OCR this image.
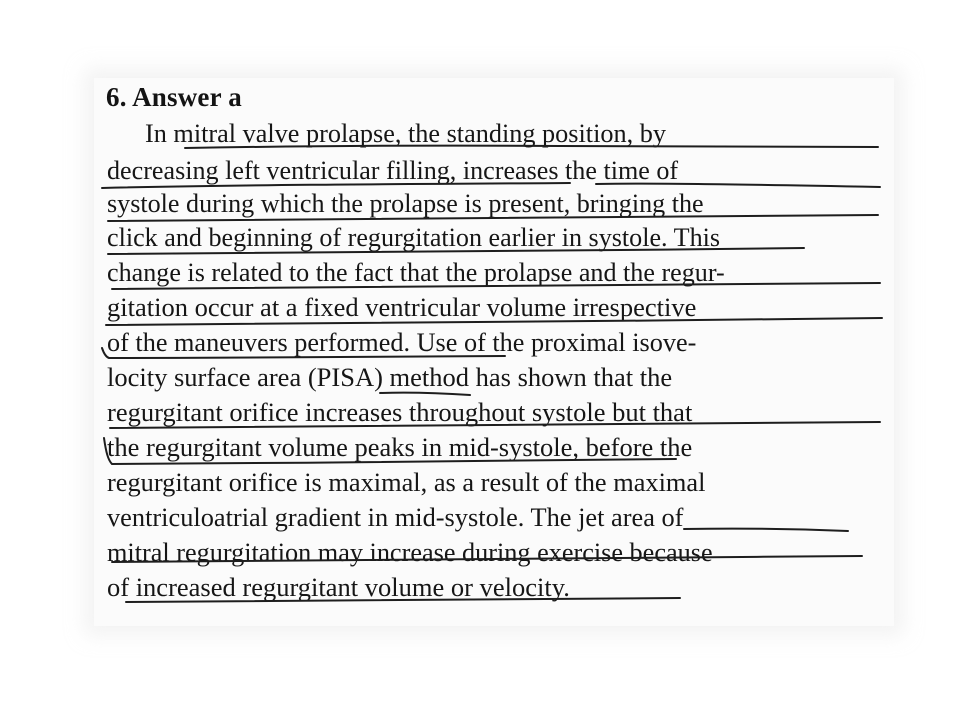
6. Answer a
In mitral valve prolapse, the standing position, by
decreasing left ventricular filling, increases the time of
systole during which the prolapse is present, bringing the
click and beginning of regurgitation earlier in systole. This
change is related to the fact that the prolapse and the regur-
gitation occur at a fixed ventricular volume irrespective
of the maneuvers performed. Use of the proximal isove-
locity surface area (PISA) method has shown that the
regurgitant orifice increases throughout systole but that
the regurgitant volume peaks in mid-systole, before the
regurgitant orifice is maximal, as a result of the maximal
ventriculoatrial gradient in mid-systole. The jet area of
mitral regurgitation may increase during exercise because
of increased regurgitant volume or velocity.
